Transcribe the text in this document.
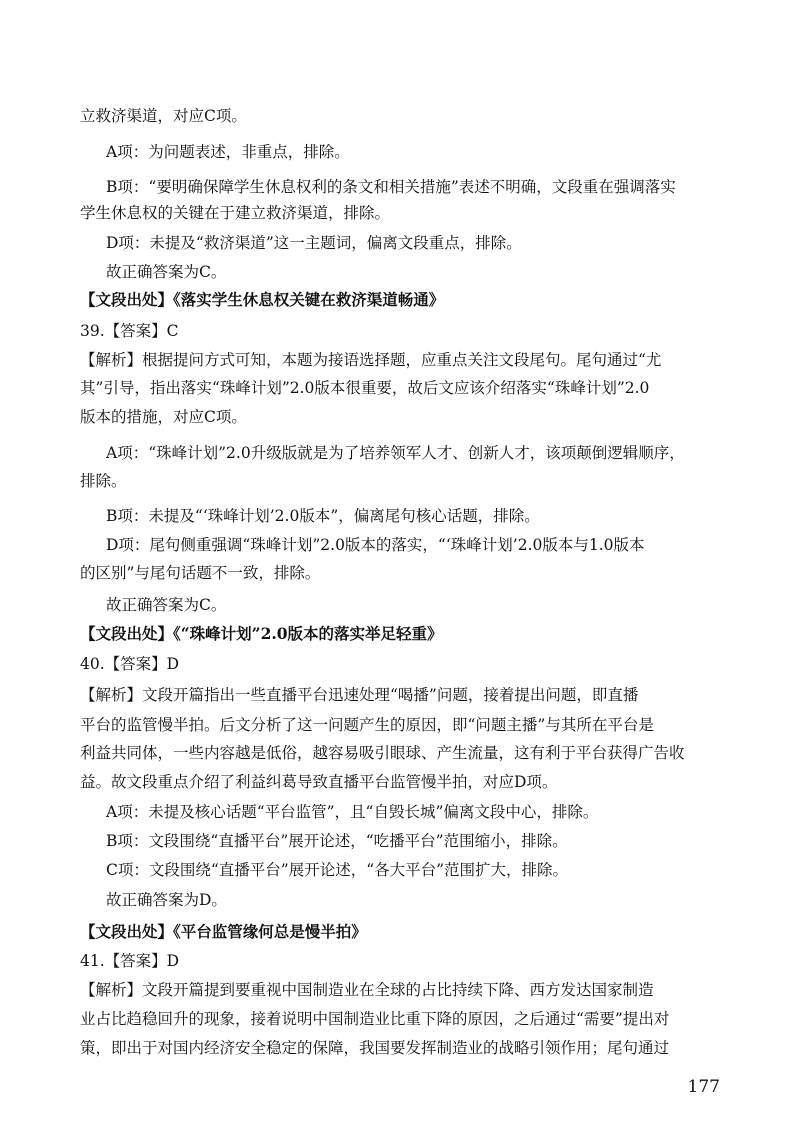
立救济渠道，对应C项。
A项：为问题表述，非重点，排除。
B项：“要明确保障学生休息权利的条文和相关措施”表述不明确，文段重在强调落实
学生休息权的关键在于建立救济渠道，排除。
D项：未提及“救济渠道”这一主题词，偏离文段重点，排除。
故正确答案为C。
【文段出处】《落实学生休息权关键在救济渠道畅通》
39.【答案】C
【解析】根据提问方式可知，本题为接语选择题，应重点关注文段尾句。尾句通过“尤
其”引导，指出落实“珠峰计划”2.0版本很重要，故后文应该介绍落实“珠峰计划”2.0
版本的措施，对应C项。
A项：“珠峰计划”2.0升级版就是为了培养领军人才、创新人才，该项颠倒逻辑顺序，
排除。
B项：未提及“‘珠峰计划’2.0版本”，偏离尾句核心话题，排除。
D项：尾句侧重强调“珠峰计划”2.0版本的落实，“‘珠峰计划’2.0版本与1.0版本
的区别”与尾句话题不一致，排除。
故正确答案为C。
【文段出处】《“珠峰计划”2.0版本的落实举足轻重》
40.【答案】D
【解析】文段开篇指出一些直播平台迅速处理“喝播”问题，接着提出问题，即直播
平台的监管慢半拍。后文分析了这一问题产生的原因，即“问题主播”与其所在平台是
利益共同体，一些内容越是低俗，越容易吸引眼球、产生流量，这有利于平台获得广告收
益。故文段重点介绍了利益纠葛导致直播平台监管慢半拍，对应D项。
A项：未提及核心话题“平台监管”，且“自毁长城”偏离文段中心，排除。
B项：文段围绕“直播平台”展开论述，“吃播平台”范围缩小，排除。
C项：文段围绕“直播平台”展开论述，“各大平台”范围扩大，排除。
故正确答案为D。
【文段出处】《平台监管缘何总是慢半拍》
41.【答案】D
【解析】文段开篇提到要重视中国制造业在全球的占比持续下降、西方发达国家制造
业占比趋稳回升的现象，接着说明中国制造业比重下降的原因，之后通过“需要”提出对
策，即出于对国内经济安全稳定的保障，我国要发挥制造业的战略引领作用；尾句通过
177
